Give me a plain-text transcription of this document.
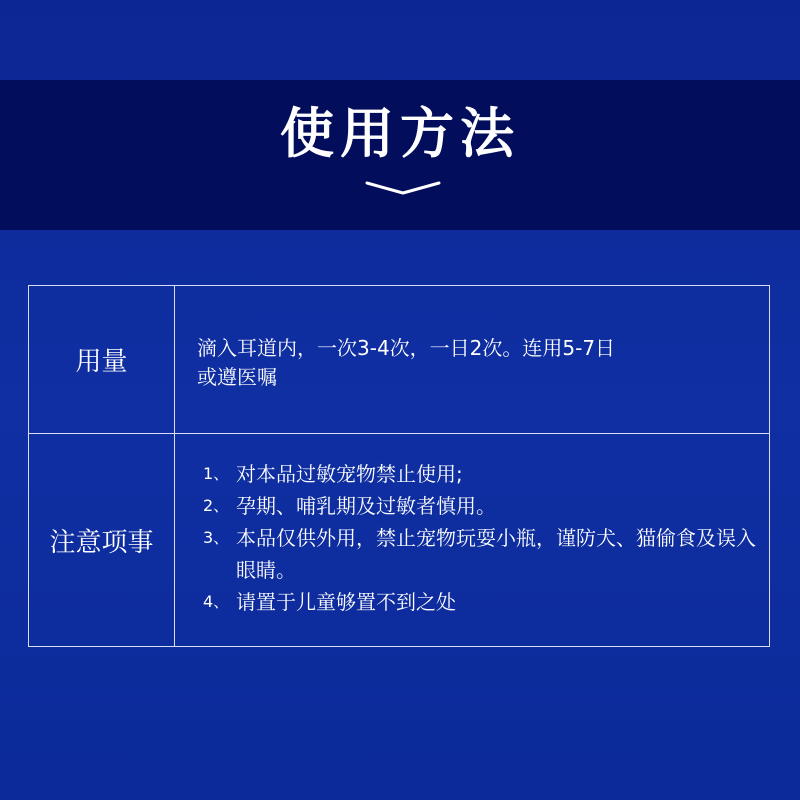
使用方法
用量	滴入耳道内，一次3-4次，一日2次。连用5-7日
或遵医嘱
注意项事
1、 对本品过敏宠物禁止使用;
2、 孕期、哺乳期及过敏者慎用。
3、 本品仅供外用，禁止宠物玩耍小瓶，谨防犬、猫偷食及误入眼睛。
4、 请置于儿童够置不到之处
